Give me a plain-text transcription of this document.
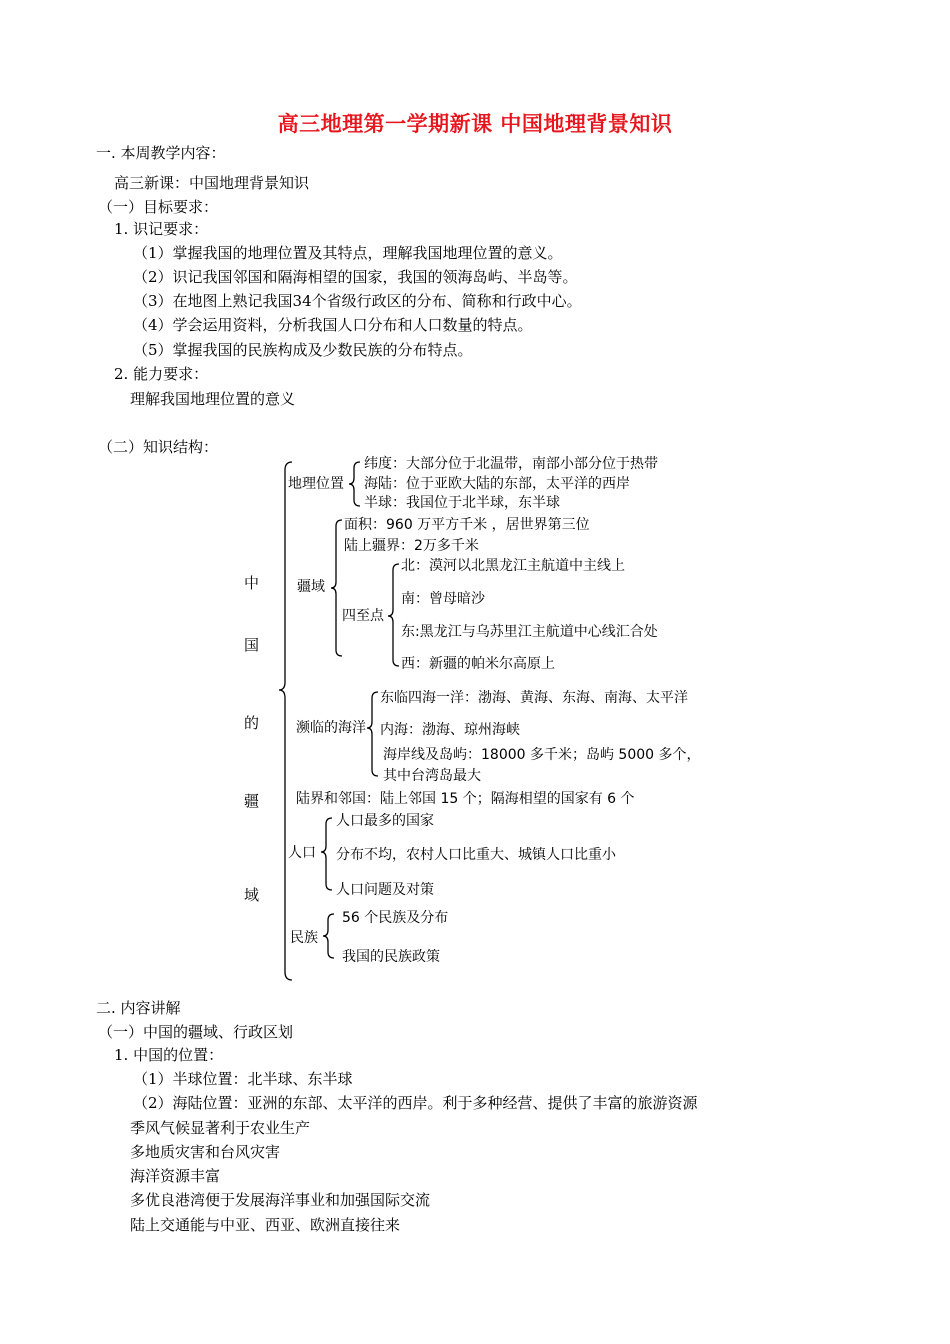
高三地理第一学期新课 中国地理背景知识
一. 本周教学内容：
高三新课：中国地理背景知识
（一）目标要求：
1. 识记要求：
（1）掌握我国的地理位置及其特点，理解我国地理位置的意义。
（2）识记我国邻国和隔海相望的国家，我国的领海岛屿、半岛等。
（3）在地图上熟记我国34个省级行政区的分布、简称和行政中心。
（4）学会运用资料，分析我国人口分布和人口数量的特点。
（5）掌握我国的民族构成及少数民族的分布特点。
2. 能力要求：
理解我国地理位置的意义
（二）知识结构：
中
国
的
疆
域
地理位置
纬度：大部分位于北温带，南部小部分位于热带
海陆：位于亚欧大陆的东部，太平洋的西岸
半球：我国位于北半球，东半球
疆域
面积：960 万平方千米 ，居世界第三位
陆上疆界：2万多千米
四至点
北：漠河以北黑龙江主航道中主线上
南：曾母暗沙
东:黑龙江与乌苏里江主航道中心线汇合处
西：新疆的帕米尔高原上
濒临的海洋
东临四海一洋：渤海、黄海、东海、南海、太平洋
内海：渤海、琼州海峡
海岸线及岛屿：18000 多千米；岛屿 5000 多个，
其中台湾岛最大
陆界和邻国：陆上邻国 15 个；隔海相望的国家有 6 个
人口
人口最多的国家
分布不均，农村人口比重大、城镇人口比重小
人口问题及对策
民族
56 个民族及分布
我国的民族政策
二. 内容讲解
（一）中国的疆域、行政区划
1. 中国的位置：
（1）半球位置：北半球、东半球
（2）海陆位置：亚洲的东部、太平洋的西岸。利于多种经营、提供了丰富的旅游资源
季风气候显著利于农业生产
多地质灾害和台风灾害
海洋资源丰富
多优良港湾便于发展海洋事业和加强国际交流
陆上交通能与中亚、西亚、欧洲直接往来
